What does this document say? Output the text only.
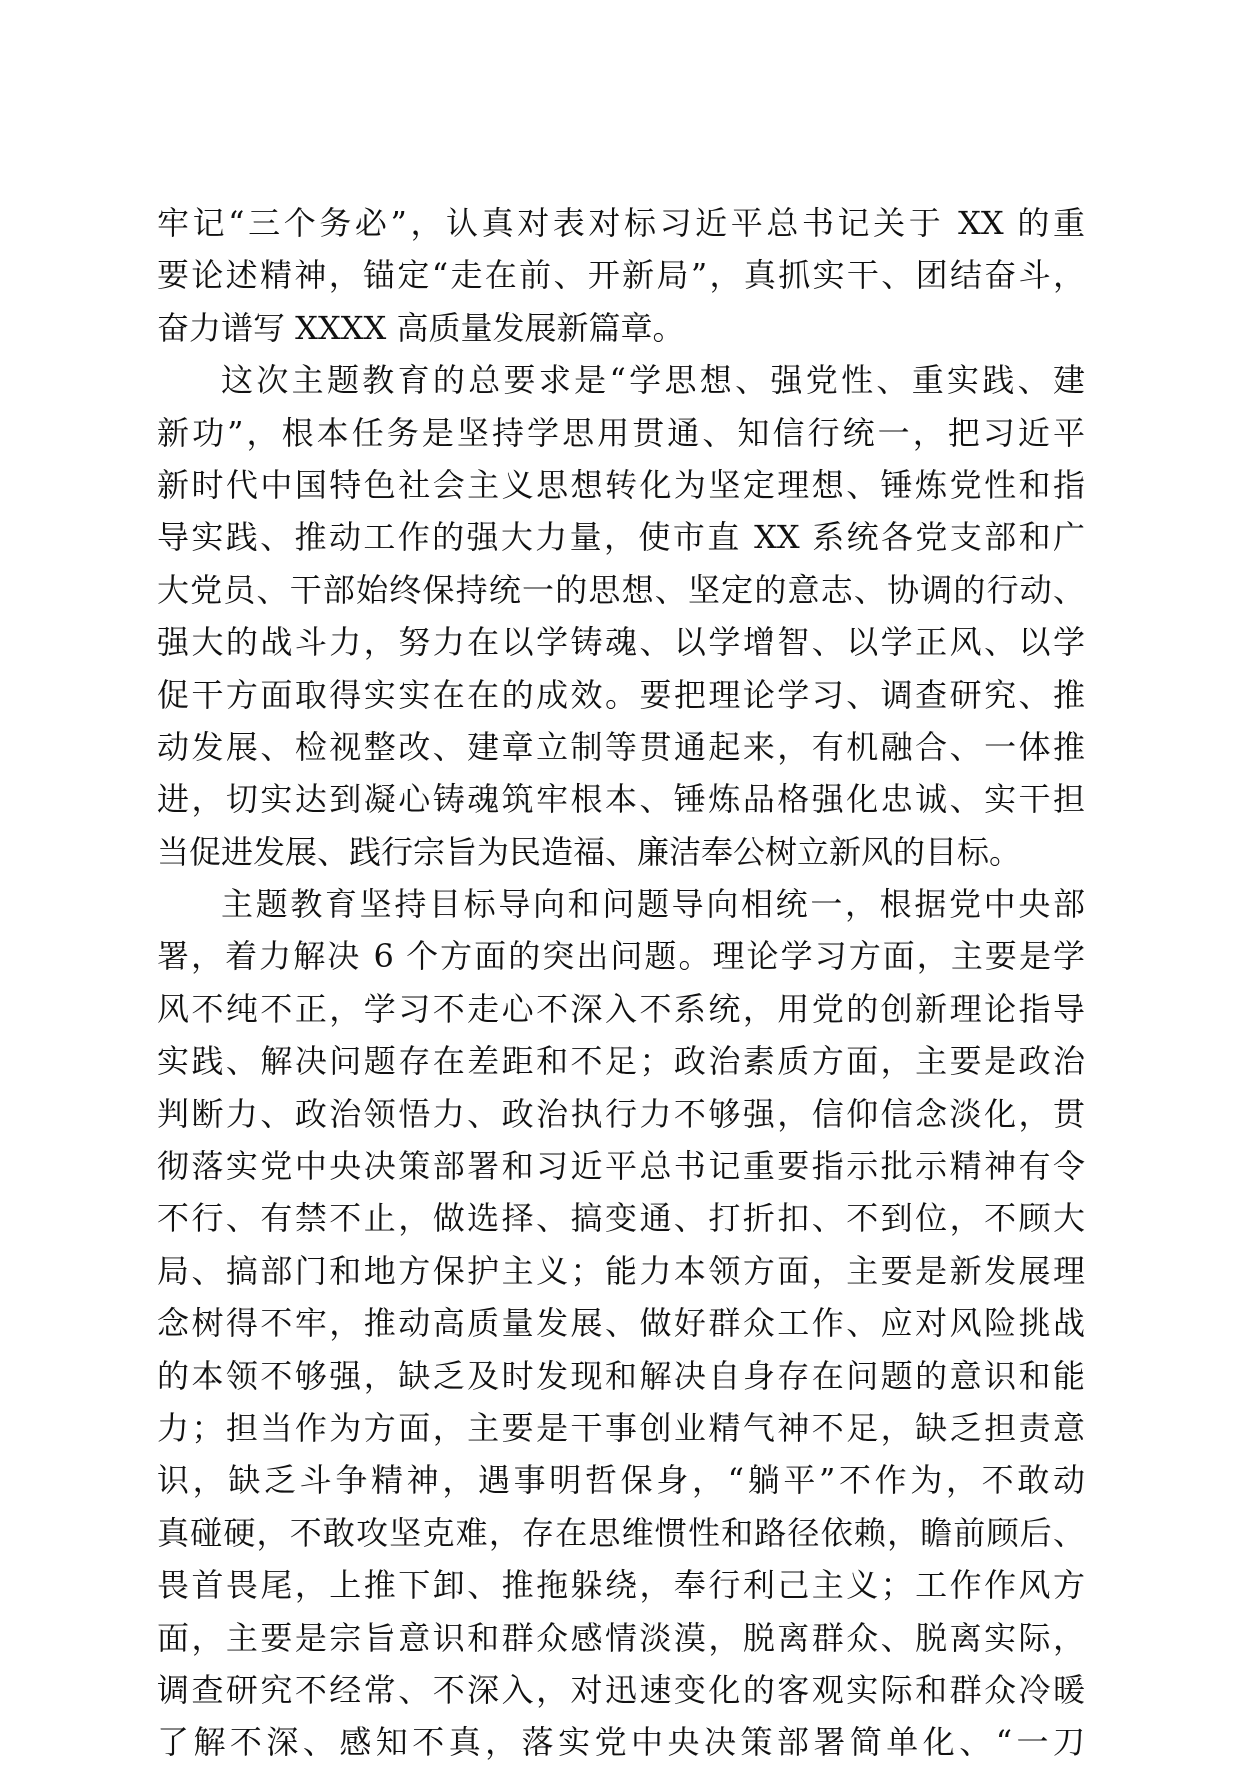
牢记“三个务必”，认真对表对标习近平总书记关于 XX 的重
要论述精神，锚定“走在前、开新局”，真抓实干、团结奋斗，
奋力谱写 XXXX 高质量发展新篇章。
这次主题教育的总要求是“学思想、强党性、重实践、建
新功”，根本任务是坚持学思用贯通、知信行统一，把习近平
新时代中国特色社会主义思想转化为坚定理想、锤炼党性和指
导实践、推动工作的强大力量，使市直 XX 系统各党支部和广
大党员、干部始终保持统一的思想、坚定的意志、协调的行动、
强大的战斗力，努力在以学铸魂、以学增智、以学正风、以学
促干方面取得实实在在的成效。要把理论学习、调查研究、推
动发展、检视整改、建章立制等贯通起来，有机融合、一体推
进，切实达到凝心铸魂筑牢根本、锤炼品格强化忠诚、实干担
当促进发展、践行宗旨为民造福、廉洁奉公树立新风的目标。
主题教育坚持目标导向和问题导向相统一，根据党中央部
署，着力解决 6 个方面的突出问题。理论学习方面，主要是学
风不纯不正，学习不走心不深入不系统，用党的创新理论指导
实践、解决问题存在差距和不足；政治素质方面，主要是政治
判断力、政治领悟力、政治执行力不够强，信仰信念淡化，贯
彻落实党中央决策部署和习近平总书记重要指示批示精神有令
不行、有禁不止，做选择、搞变通、打折扣、不到位，不顾大
局、搞部门和地方保护主义；能力本领方面，主要是新发展理
念树得不牢，推动高质量发展、做好群众工作、应对风险挑战
的本领不够强，缺乏及时发现和解决自身存在问题的意识和能
力；担当作为方面，主要是干事创业精气神不足，缺乏担责意
识，缺乏斗争精神，遇事明哲保身，“躺平”不作为，不敢动
真碰硬，不敢攻坚克难，存在思维惯性和路径依赖，瞻前顾后、
畏首畏尾，上推下卸、推拖躲绕，奉行利己主义；工作作风方
面，主要是宗旨意识和群众感情淡漠，脱离群众、脱离实际，
调查研究不经常、不深入，对迅速变化的客观实际和群众冷暖
了解不深、感知不真，落实党中央决策部署简单化、“一刀
